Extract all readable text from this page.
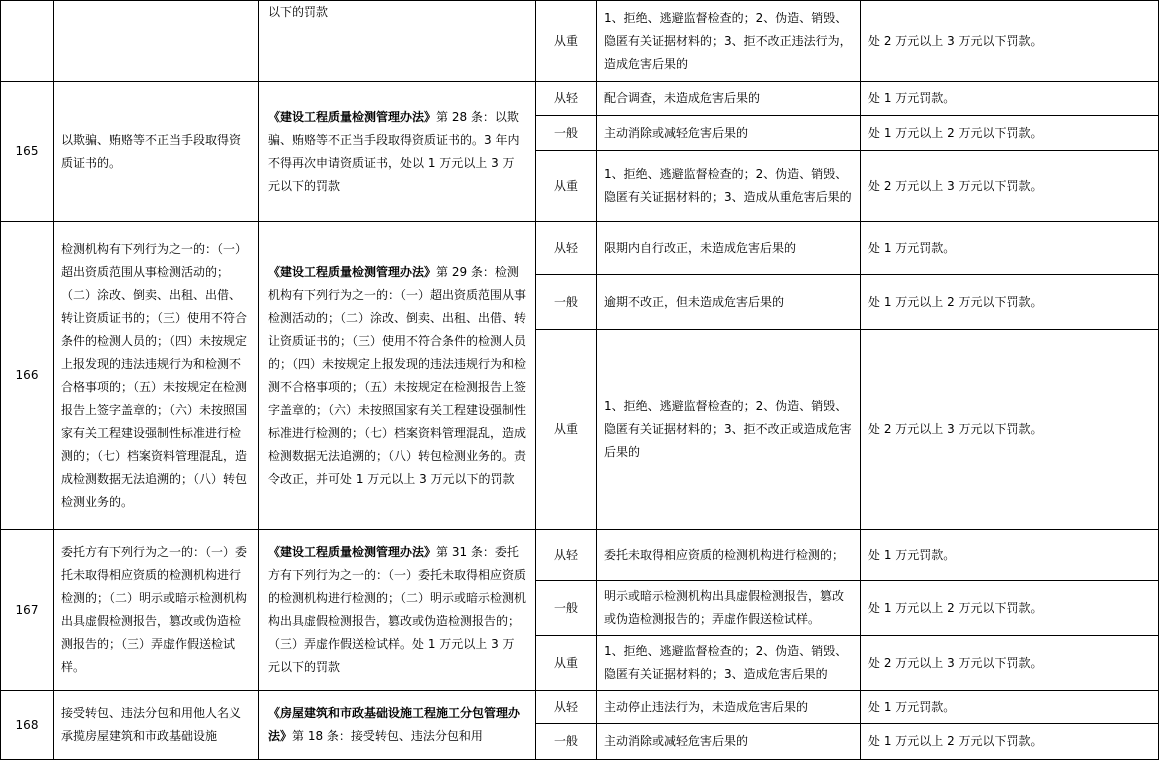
		以下的罚款	从重	1、拒绝、逃避监督检查的；2、伪造、销毁、隐匿有关证据材料的；3、拒不改正违法行为，造成危害后果的	处 2 万元以上 3 万元以下罚款。
165	以欺骗、贿赂等不正当手段取得资质证书的。	《建设工程质量检测管理办法》第 28 条：以欺骗、贿赂等不正当手段取得资质证书的。3 年内不得再次申请资质证书，处以 1 万元以上 3 万元以下的罚款	从轻	配合调查，未造成危害后果的	处 1 万元罚款。
			一般	主动消除或减轻危害后果的	处 1 万元以上 2 万元以下罚款。
			从重	1、拒绝、逃避监督检查的；2、伪造、销毁、隐匿有关证据材料的；3、造成从重危害后果的	处 2 万元以上 3 万元以下罚款。
166	检测机构有下列行为之一的：（一）超出资质范围从事检测活动的；（二）涂改、倒卖、出租、出借、转让资质证书的；（三）使用不符合条件的检测人员的；（四）未按规定上报发现的违法违规行为和检测不合格事项的；（五）未按规定在检测报告上签字盖章的；（六）未按照国家有关工程建设强制性标准进行检测的；（七）档案资料管理混乱，造成检测数据无法追溯的；（八）转包检测业务的。	《建设工程质量检测管理办法》第 29 条：检测机构有下列行为之一的：（一）超出资质范围从事检测活动的；（二）涂改、倒卖、出租、出借、转让资质证书的；（三）使用不符合条件的检测人员的；（四）未按规定上报发现的违法违规行为和检测不合格事项的；（五）未按规定在检测报告上签字盖章的；（六）未按照国家有关工程建设强制性标准进行检测的；（七）档案资料管理混乱，造成检测数据无法追溯的；（八）转包检测业务的。责令改正，并可处 1 万元以上 3 万元以下的罚款	从轻	限期内自行改正，未造成危害后果的	处 1 万元罚款。
			一般	逾期不改正，但未造成危害后果的	处 1 万元以上 2 万元以下罚款。
			从重	1、拒绝、逃避监督检查的；2、伪造、销毁、隐匿有关证据材料的；3、拒不改正或造成危害后果的	处 2 万元以上 3 万元以下罚款。
167	委托方有下列行为之一的：（一）委托未取得相应资质的检测机构进行检测的；（二）明示或暗示检测机构出具虚假检测报告，篡改或伪造检测报告的；（三）弄虚作假送检试样。	《建设工程质量检测管理办法》第 31 条：委托方有下列行为之一的：（一）委托未取得相应资质的检测机构进行检测的；（二）明示或暗示检测机构出具虚假检测报告，篡改或伪造检测报告的；（三）弄虚作假送检试样。处 1 万元以上 3 万元以下的罚款	从轻	委托未取得相应资质的检测机构进行检测的；	处 1 万元罚款。
			一般	明示或暗示检测机构出具虚假检测报告，篡改或伪造检测报告的；弄虚作假送检试样。	处 1 万元以上 2 万元以下罚款。
			从重	1、拒绝、逃避监督检查的；2、伪造、销毁、隐匿有关证据材料的；3、造成危害后果的	处 2 万元以上 3 万元以下罚款。
168	接受转包、违法分包和用他人名义承揽房屋建筑和市政基础设施	《房屋建筑和市政基础设施工程施工分包管理办法》第 18 条：接受转包、违法分包和用	从轻	主动停止违法行为，未造成危害后果的	处 1 万元罚款。
			一般	主动消除或减轻危害后果的	处 1 万元以上 2 万元以下罚款。
